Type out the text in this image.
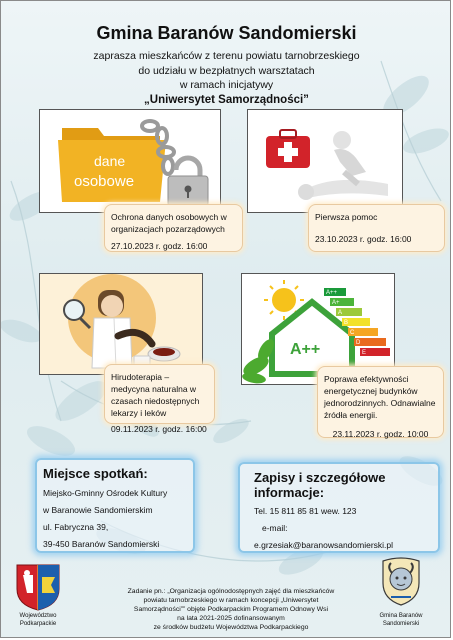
Gmina Baranów Sandomierski
zaprasza mieszkańców z terenu powiatu tarnobrzeskiego
do udziału w bezpłatnych warsztatach
w ramach inicjatywy
„Uniwersytet Samorządności”
dane
osobowe
Ochrona danych osobowych w organizacjach pozarządowych
27.10.2023 r. godz. 16:00
Pierwsza pomoc
23.10.2023 r. godz. 16:00
Hirudoterapia – medycyna naturalna w czasach niedostępnych lekarzy i leków
09.11.2023 r. godz. 16:00
A++
A++
A+
A
B
C
D
E
Poprawa efektywności energetycznej budynków jednorodzinnych. Odnawialne źródła energii.
23.11.2023 r. godz. 10:00
Miejsce spotkań:
Miejsko-Gminny Ośrodek Kultury
w Baranowie Sandomierskim
ul. Fabryczna 39,
39-450 Baranów Sandomierski
Zapisy i szczegółowe
informacje:
Tel. 15 811 85 81 wew. 123
e-mail:
e.grzesiak@baranowsandomierski.pl
Województwo
Podkarpackie
Zadanie pn.: „Organizacja ogólnodostępnych zajęć dla mieszkańców
powiatu tarnobrzeskiego w ramach koncepcji „Uniwersytet
Samorządności”” objęte Podkarpackim Programem Odnowy Wsi
na lata 2021-2025 dofinansowanym
ze środków budżetu Województwa Podkarpackiego
Gmina Baranów
Sandomierski
